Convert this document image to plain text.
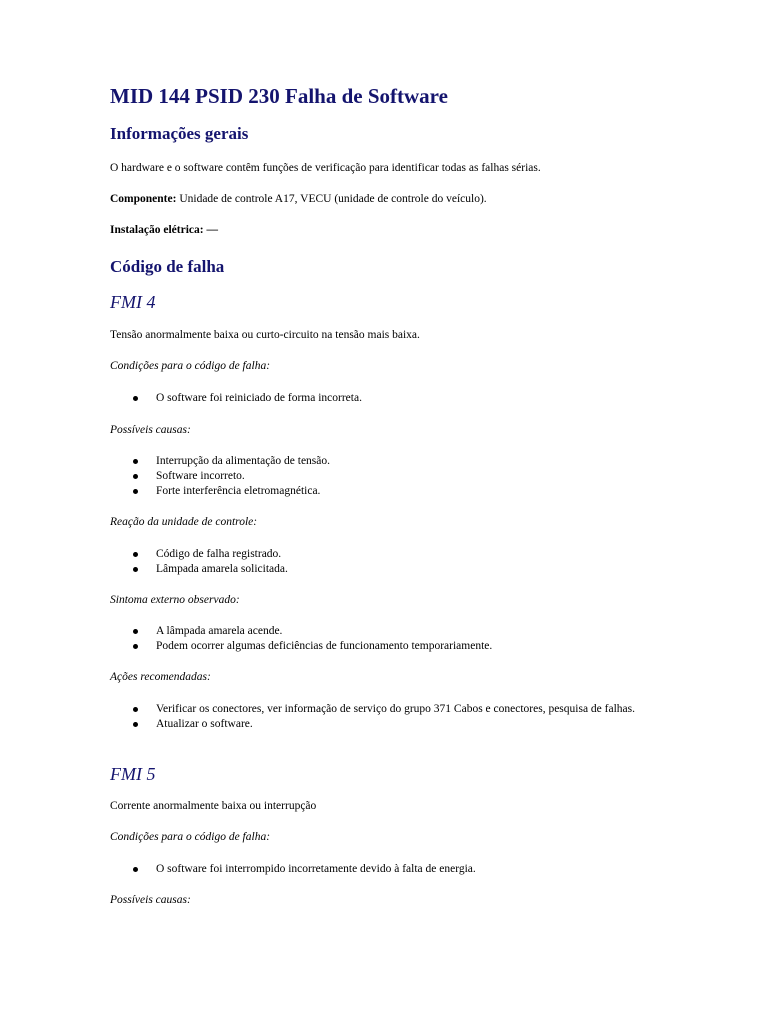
MID 144 PSID 230 Falha de Software
Informações gerais

O hardware e o software contêm funções de verificação para identificar todas as falhas sérias.

Componente: Unidade de controle A17, VECU (unidade de controle do veículo).

Instalação elétrica: —

Código de falha
FMI 4

Tensão anormalmente baixa ou curto-circuito na tensão mais baixa.

Condições para o código de falha:

O software foi reiniciado de forma incorreta.

Possíveis causas:

Interrupção da alimentação de tensão.
Software incorreto.
Forte interferência eletromagnética.

Reação da unidade de controle:

Código de falha registrado.
Lâmpada amarela solicitada.

Sintoma externo observado:

A lâmpada amarela acende.
Podem ocorrer algumas deficiências de funcionamento temporariamente.

Ações recomendadas:

Verificar os conectores, ver informação de serviço do grupo 371 Cabos e conectores, pesquisa de falhas.
Atualizar o software.
FMI 5

Corrente anormalmente baixa ou interrupção

Condições para o código de falha:

O software foi interrompido incorretamente devido à falta de energia.

Possíveis causas:
